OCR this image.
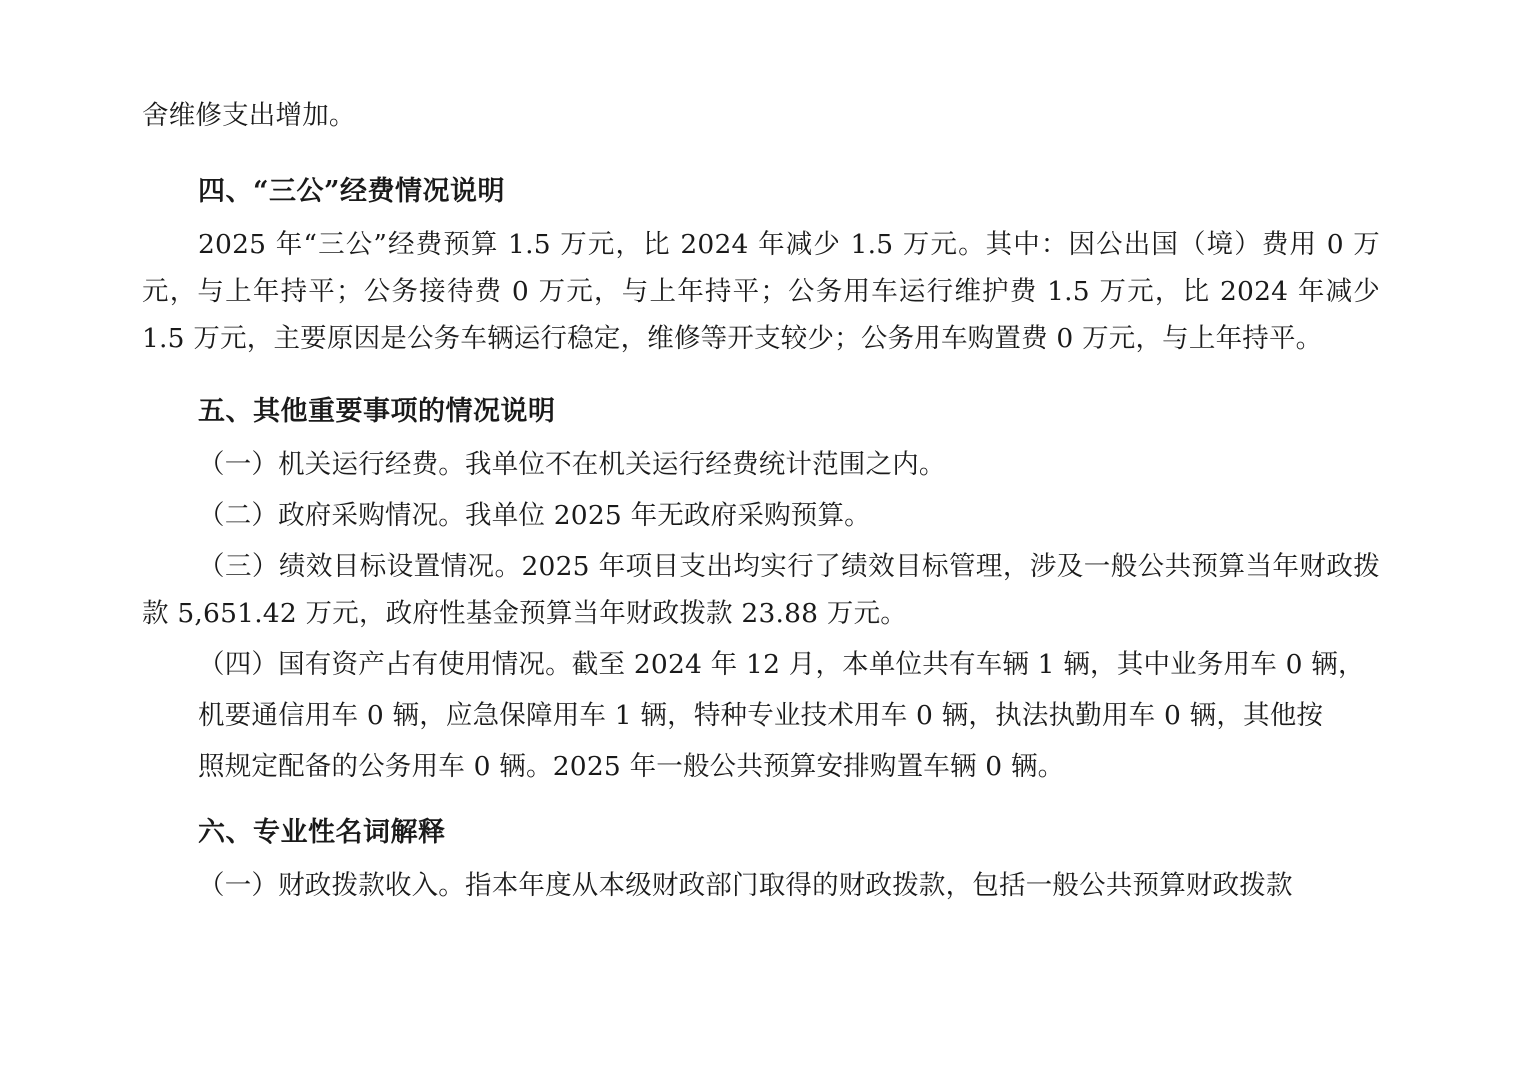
舍维修支出增加。

四、“三公”经费情况说明

2025 年“三公”经费预算 1.5 万元，比 2024 年减少 1.5 万元。其中：因公出国（境）费用 0 万元，与上年持平；公务接待费 0 万元，与上年持平；公务用车运行维护费 1.5 万元，比 2024 年减少 1.5 万元，主要原因是公务车辆运行稳定，维修等开支较少；公务用车购置费 0 万元，与上年持平。

五、其他重要事项的情况说明

（一）机关运行经费。我单位不在机关运行经费统计范围之内。

（二）政府采购情况。我单位 2025 年无政府采购预算。

（三）绩效目标设置情况。2025 年项目支出均实行了绩效目标管理，涉及一般公共预算当年财政拨款 5,651.42 万元，政府性基金预算当年财政拨款 23.88 万元。

（四）国有资产占有使用情况。截至 2024 年 12 月，本单位共有车辆 1 辆，其中业务用车 0 辆，

机要通信用车 0 辆，应急保障用车 1 辆，特种专业技术用车 0 辆，执法执勤用车 0 辆，其他按

照规定配备的公务用车 0 辆。2025 年一般公共预算安排购置车辆 0 辆。

六、专业性名词解释

（一）财政拨款收入。指本年度从本级财政部门取得的财政拨款，包括一般公共预算财政拨款
